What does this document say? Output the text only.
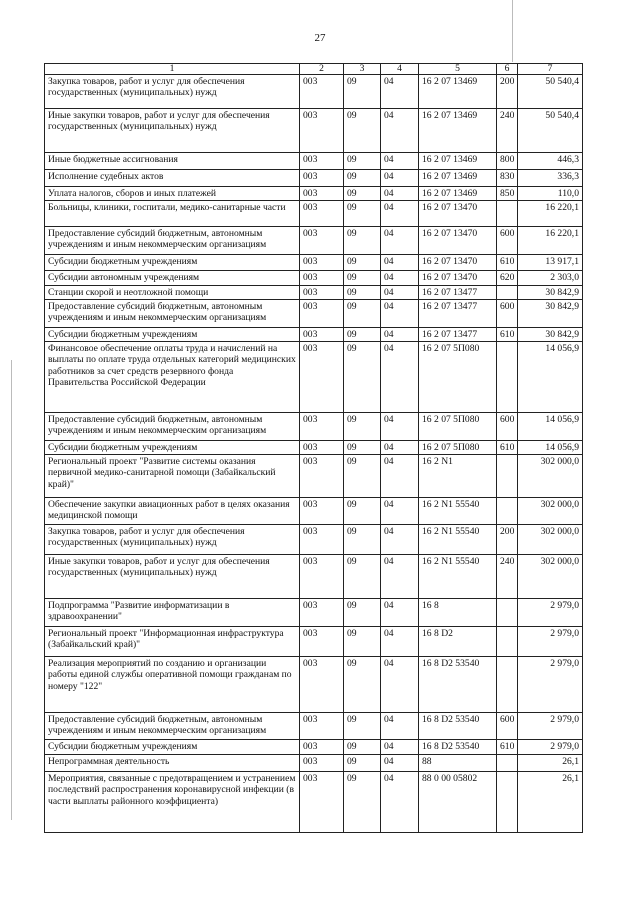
27
1	2	3	4	5	6	7
Закупка товаров, работ и услуг для обеспечения государственных (муниципальных) нужд	003	09	04	16 2 07 13469	200	50 540,4
Иные закупки товаров, работ и услуг для обеспечения государственных (муниципальных) нужд	003	09	04	16 2 07 13469	240	50 540,4
Иные бюджетные ассигнования	003	09	04	16 2 07 13469	800	446,3
Исполнение судебных актов	003	09	04	16 2 07 13469	830	336,3
Уплата налогов, сборов и иных платежей	003	09	04	16 2 07 13469	850	110,0
Больницы, клиники, госпитали, медико-санитарные части	003	09	04	16 2 07 13470		16 220,1
Предоставление субсидий бюджетным, автономным учреждениям и иным некоммерческим организациям	003	09	04	16 2 07 13470	600	16 220,1
Субсидии бюджетным учреждениям	003	09	04	16 2 07 13470	610	13 917,1
Субсидии автономным учреждениям	003	09	04	16 2 07 13470	620	2 303,0
Станции скорой и неотложной помощи	003	09	04	16 2 07 13477		30 842,9
Предоставление субсидий бюджетным, автономным учреждениям и иным некоммерческим организациям	003	09	04	16 2 07 13477	600	30 842,9
Субсидии бюджетным учреждениям	003	09	04	16 2 07 13477	610	30 842,9
Финансовое обеспечение оплаты труда и начислений на выплаты по оплате труда отдельных категорий медицинских работников за счет средств резервного фонда Правительства Российской Федерации	003	09	04	16 2 07 5П080		14 056,9
Предоставление субсидий бюджетным, автономным учреждениям и иным некоммерческим организациям	003	09	04	16 2 07 5П080	600	14 056,9
Субсидии бюджетным учреждениям	003	09	04	16 2 07 5П080	610	14 056,9
Региональный проект "Развитие системы оказания первичной медико-санитарной помощи (Забайкальский край)"	003	09	04	16 2 N1		302 000,0
Обеспечение закупки авиационных работ в целях оказания медицинской помощи	003	09	04	16 2 N1 55540		302 000,0
Закупка товаров, работ и услуг для обеспечения государственных (муниципальных) нужд	003	09	04	16 2 N1 55540	200	302 000,0
Иные закупки товаров, работ и услуг для обеспечения государственных (муниципальных) нужд	003	09	04	16 2 N1 55540	240	302 000,0
Подпрограмма "Развитие информатизации в здравоохранении"	003	09	04	16 8		2 979,0
Региональный проект "Информационная инфраструктура (Забайкальский край)"	003	09	04	16 8 D2		2 979,0
Реализация мероприятий по созданию и организации работы единой службы оперативной помощи гражданам по номеру "122"	003	09	04	16 8 D2 53540		2 979,0
Предоставление субсидий бюджетным, автономным учреждениям и иным некоммерческим организациям	003	09	04	16 8 D2 53540	600	2 979,0
Субсидии бюджетным учреждениям	003	09	04	16 8 D2 53540	610	2 979,0
Непрограммная деятельность	003	09	04	88		26,1
Мероприятия, связанные с предотвращением и устранением последствий распространения коронавирусной инфекции (в части выплаты районного коэффициента)	003	09	04	88 0 00 05802		26,1
